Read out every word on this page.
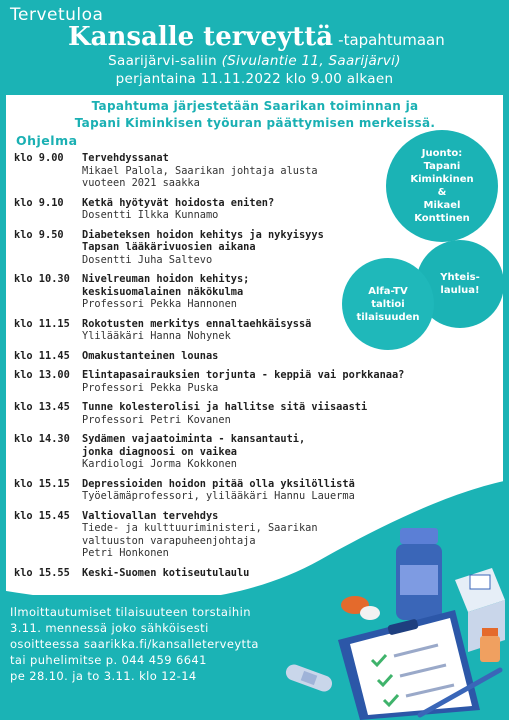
Tervetuloa
Kansalle terveyttä -tapahtumaan
Saarijärvi-saliin (Sivulantie 11, Saarijärvi)
perjantaina 11.11.2022 klo 9.00 alkaen
Tapahtuma järjestetään Saarikan toiminnan ja
Tapani Kiminkisen työuran päättymisen merkeissä.
Ohjelma
klo 9.00	Tervehdyssanat
Mikael Palola, Saarikan johtaja alusta
vuoteen 2021 saakka
klo 9.10	Ketkä hyötyvät hoidosta eniten?
Dosentti Ilkka Kunnamo
klo 9.50	Diabeteksen hoidon kehitys ja nykyisyys
Tapsan lääkärivuosien aikana
Dosentti Juha Saltevo
klo 10.30	Nivelreuman hoidon kehitys;
keskisuomalainen näkökulma
Professori Pekka Hannonen
klo 11.15	Rokotusten merkitys ennaltaehkäisyssä
Ylilääkäri Hanna Nohynek
klo 11.45	Omakustanteinen lounas
klo 13.00	Elintapasairauksien torjunta - keppiä vai porkkanaa?
Professori Pekka Puska
klo 13.45	Tunne kolesterolisi ja hallitse sitä viisaasti
Professori Petri Kovanen
klo 14.30	Sydämen vajaatoiminta - kansantauti,
jonka diagnoosi on vaikea
Kardiologi Jorma Kokkonen
klo 15.15	Depressioiden hoidon pitää olla yksilöllistä
Työelämäprofessori, ylilääkäri Hannu Lauerma
klo 15.45	Valtiovallan tervehdys
Tiede- ja kulttuuriministeri, Saarikan
valtuuston varapuheenjohtaja
Petri Honkonen
klo 15.55	Keski-Suomen kotiseutulaulu
Juonto:
Tapani
Kiminkinen
&
Mikael
Konttinen
Yhteis-
laulua!
Alfa-TV
taltioi
tilaisuuden
Ilmoittautumiset tilaisuuteen torstaihin
3.11. mennessä joko sähköisesti
osoitteessa saarikka.fi/kansalleterveytta
tai puhelimitse p. 044 459 6641
pe 28.10. ja to 3.11. klo 12-14
